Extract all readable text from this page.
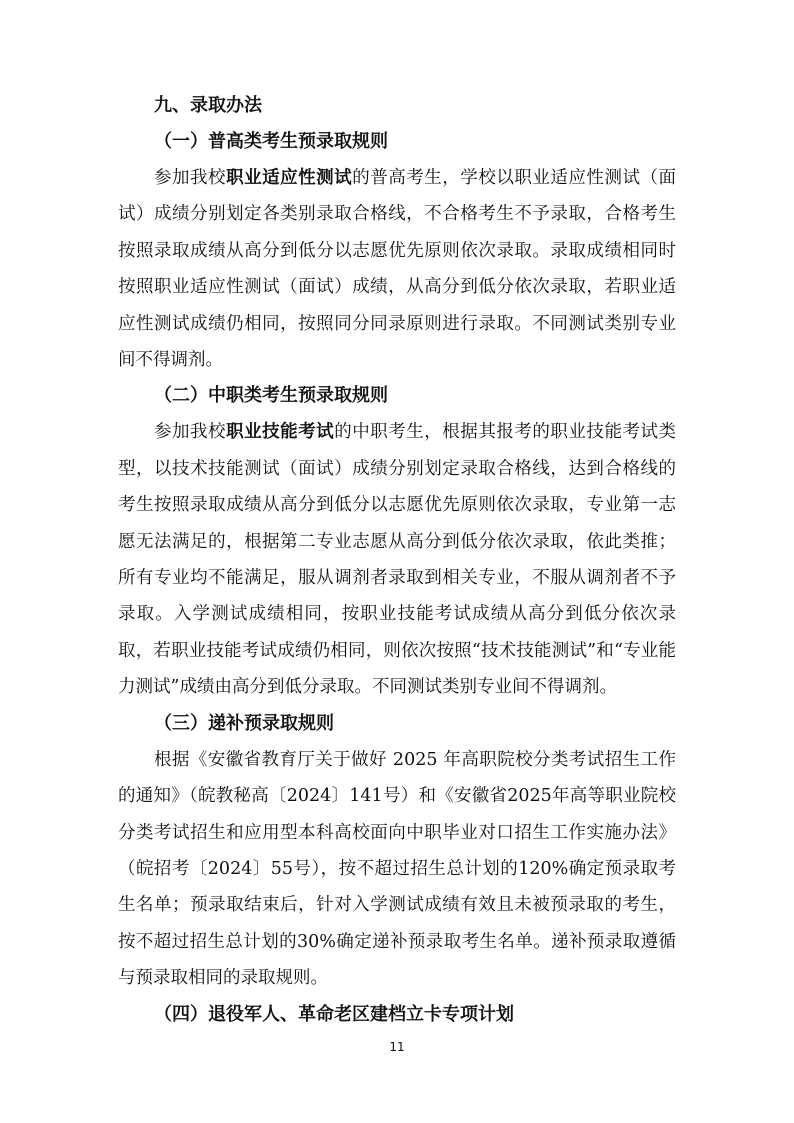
九、录取办法
（一）普高类考生预录取规则

参加我校职业适应性测试的普高考生，学校以职业适应性测试（面试）成绩分别划定各类别录取合格线，不合格考生不予录取，合格考生按照录取成绩从高分到低分以志愿优先原则依次录取。录取成绩相同时按照职业适应性测试（面试）成绩，从高分到低分依次录取，若职业适应性测试成绩仍相同，按照同分同录原则进行录取。不同测试类别专业间不得调剂。

（二）中职类考生预录取规则

参加我校职业技能考试的中职考生，根据其报考的职业技能考试类型，以技术技能测试（面试）成绩分别划定录取合格线，达到合格线的考生按照录取成绩从高分到低分以志愿优先原则依次录取，专业第一志愿无法满足的，根据第二专业志愿从高分到低分依次录取，依此类推；所有专业均不能满足，服从调剂者录取到相关专业，不服从调剂者不予录取。入学测试成绩相同，按职业技能考试成绩从高分到低分依次录取，若职业技能考试成绩仍相同，则依次按照“技术技能测试”和“专业能力测试”成绩由高分到低分录取。不同测试类别专业间不得调剂。

（三）递补预录取规则

根据《安徽省教育厅关于做好 2025 年高职院校分类考试招生工作的通知》（皖教秘高〔2024〕141号）和《安徽省2025年高等职业院校分类考试招生和应用型本科高校面向中职毕业对口招生工作实施办法》（皖招考〔2024〕55号），按不超过招生总计划的120%确定预录取考生名单；预录取结束后，针对入学测试成绩有效且未被预录取的考生，按不超过招生总计划的30%确定递补预录取考生名单。递补预录取遵循与预录取相同的录取规则。

（四）退役军人、革命老区建档立卡专项计划
11
